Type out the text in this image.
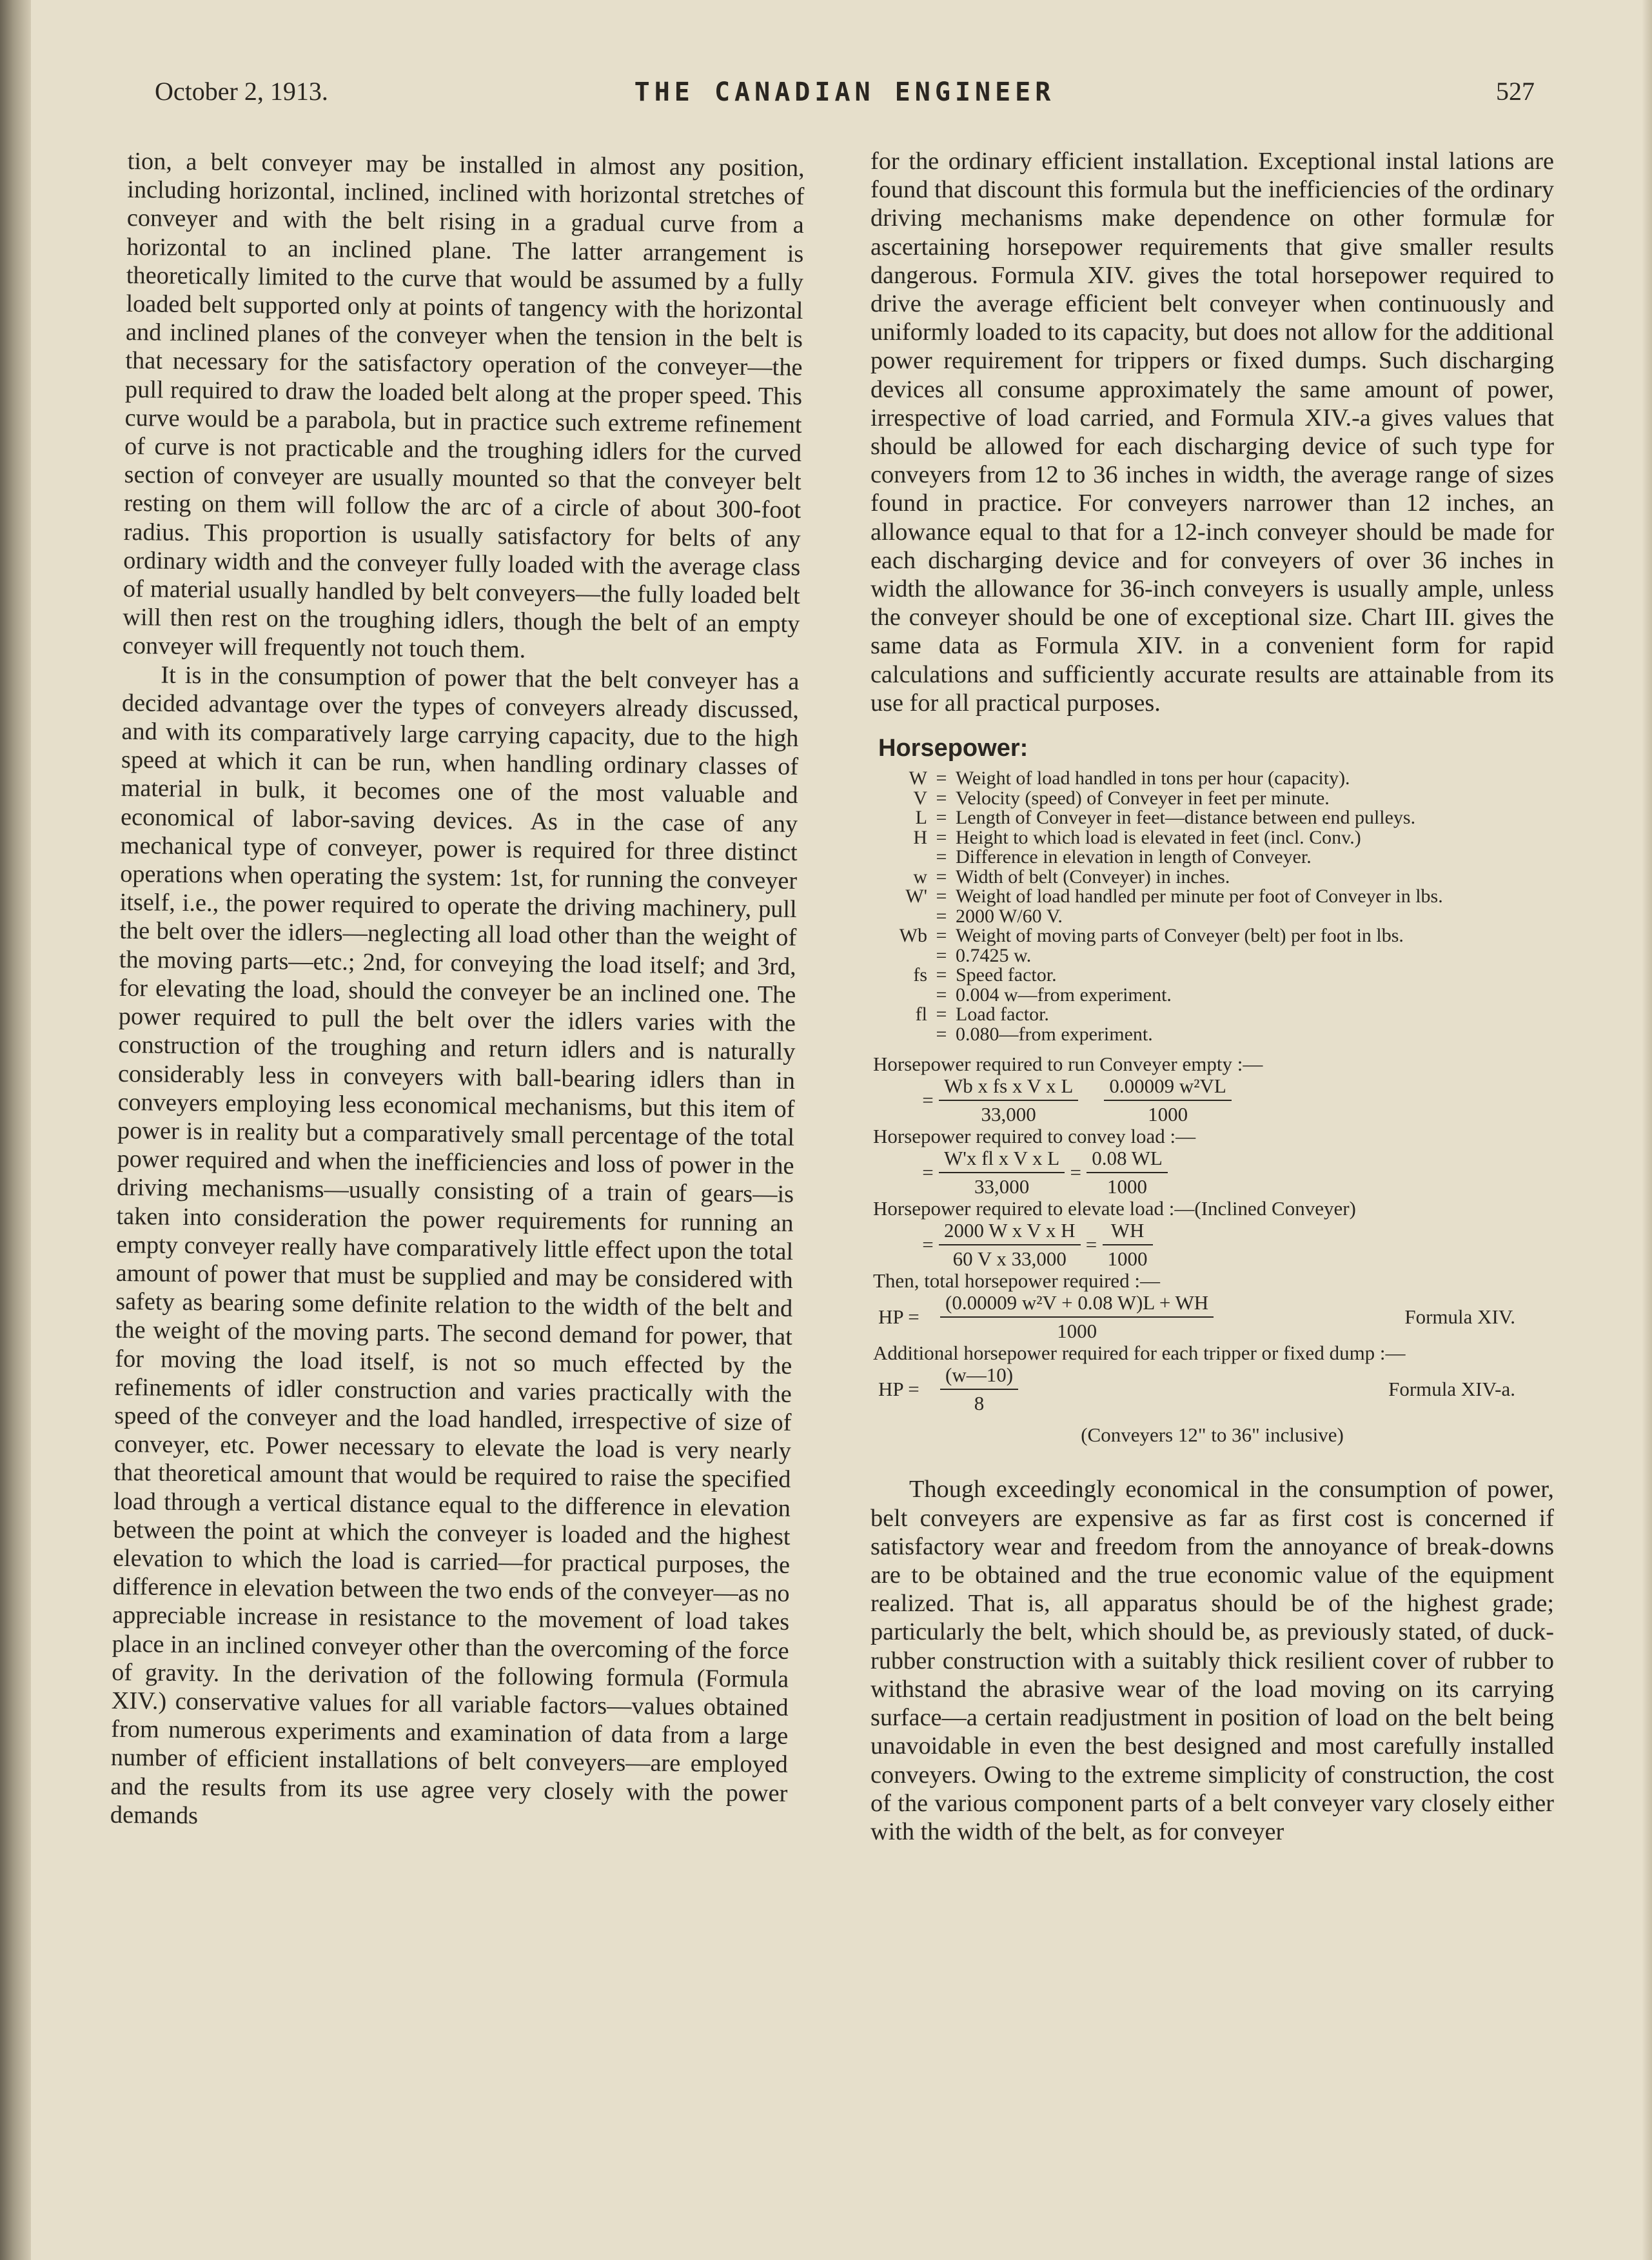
October 2, 1913.	THE CANADIAN ENGINEER	527

tion, a belt conveyer may be installed in almost any position, including horizontal, inclined, inclined with horizontal stretches of conveyer and with the belt rising in a gradual curve from a horizontal to an inclined plane. The latter arrangement is theoretically limited to the curve that would be assumed by a fully loaded belt supported only at points of tangency with the horizontal and inclined planes of the conveyer when the tension in the belt is that necessary for the satisfactory operation of the conveyer—the pull required to draw the loaded belt along at the proper speed. This curve would be a parabola, but in practice such extreme refinement of curve is not practicable and the troughing idlers for the curved section of conveyer are usually mounted so that the conveyer belt resting on them will follow the arc of a circle of about 300-foot radius. This proportion is usually satisfactory for belts of any ordinary width and the conveyer fully loaded with the average class of material usually handled by belt conveyers—the fully loaded belt will then rest on the troughing idlers, though the belt of an empty conveyer will frequently not touch them.

It is in the consumption of power that the belt conveyer has a decided advantage over the types of conveyers already discussed, and with its comparatively large carrying capacity, due to the high speed at which it can be run, when handling ordinary classes of material in bulk, it becomes one of the most valuable and economical of labor-saving devices. As in the case of any mechanical type of conveyer, power is required for three distinct operations when operating the system: 1st, for running the conveyer itself, i.e., the power required to operate the driving machinery, pull the belt over the idlers—neglecting all load other than the weight of the moving parts—etc.; 2nd, for conveying the load itself; and 3rd, for elevating the load, should the conveyer be an inclined one. The power required to pull the belt over the idlers varies with the construction of the troughing and return idlers and is naturally considerably less in conveyers with ball-bearing idlers than in conveyers employing less economical mechanisms, but this item of power is in reality but a comparatively small percentage of the total power required and when the inefficiencies and loss of power in the driving mechanisms—usually consisting of a train of gears—is taken into consideration the power requirements for running an empty conveyer really have comparatively little effect upon the total amount of power that must be supplied and may be considered with safety as bearing some definite relation to the width of the belt and the weight of the moving parts. The second demand for power, that for moving the load itself, is not so much effected by the refinements of idler construction and varies practically with the speed of the conveyer and the load handled, irrespective of size of conveyer, etc. Power necessary to elevate the load is very nearly that theoretical amount that would be required to raise the specified load through a vertical distance equal to the difference in elevation between the point at which the conveyer is loaded and the highest elevation to which the load is carried—for practical purposes, the difference in elevation between the two ends of the conveyer—as no appreciable increase in resistance to the movement of load takes place in an inclined conveyer other than the overcoming of the force of gravity. In the derivation of the following formula (Formula XIV.) conservative values for all variable factors—values obtained from numerous experiments and examination of data from a large number of efficient installations of belt conveyers—are employed and the results from its use agree very closely with the power demands

for the ordinary efficient installation. Exceptional instal lations are found that discount this formula but the inefficiencies of the ordinary driving mechanisms make dependence on other formulæ for ascertaining horsepower requirements that give smaller results dangerous. Formula XIV. gives the total horsepower required to drive the average efficient belt conveyer when continuously and uniformly loaded to its capacity, but does not allow for the additional power requirement for trippers or fixed dumps. Such discharging devices all consume approximately the same amount of power, irrespective of load carried, and Formula XIV.-a gives values that should be allowed for each discharging device of such type for conveyers from 12 to 36 inches in width, the average range of sizes found in practice. For conveyers narrower than 12 inches, an allowance equal to that for a 12-inch conveyer should be made for each discharging device and for conveyers of over 36 inches in width the allowance for 36-inch conveyers is usually ample, unless the conveyer should be one of exceptional size. Chart III. gives the same data as Formula XIV. in a convenient form for rapid calculations and sufficiently accurate results are attainable from its use for all practical purposes.

Horsepower:
W = Weight of load handled in tons per hour (capacity).
V = Velocity (speed) of Conveyer in feet per minute.
L = Length of Conveyer in feet—distance between end pulleys.
H = Height to which load is elevated in feet (incl. Conv.)
= Difference in elevation in length of Conveyer.
w = Width of belt (Conveyer) in inches.
W' = Weight of load handled per minute per foot of Conveyer in lbs.
= 2000 W/60 V.
Wb = Weight of moving parts of Conveyer (belt) per foot in lbs.
= 0.7425 w.
fs = Speed factor.
= 0.004 w—from experiment.
fl = Load factor.
= 0.080—from experiment.
Horsepower required to run Conveyer empty :—
= $\frac{\text{Wb x fs x V x L}}{33,000} \frac{\text{0.00009 w²VL}}{1000}$
Horsepower required to convey load :—
= $\frac{\text{W'x fl x V x L}}{33,000} = \frac{0.08 WL}{1000}$
Horsepower required to elevate load :—(Inclined Conveyer)
= $\frac{\text{2000 W x V x H}}{\text{60 V x 33,000}} = \frac{WH}{1000}$
Then, total horsepower required :—
HP =	$\frac{\text{(0.00009 w²V + 0.08 W)L + WH}}{1000}$	Formula XIV.
Additional horsepower required for each tripper or fixed dump :—
HP =	$\frac{(w—10)}{8}$	Formula XIV-a.
(Conveyers 12" to 36" inclusive)

Though exceedingly economical in the consumption of power, belt conveyers are expensive as far as first cost is concerned if satisfactory wear and freedom from the annoyance of break-downs are to be obtained and the true economic value of the equipment realized. That is, all apparatus should be of the highest grade; particularly the belt, which should be, as previously stated, of duck-rubber construction with a suitably thick resilient cover of rubber to withstand the abrasive wear of the load moving on its carrying surface—a certain readjustment in position of load on the belt being unavoidable in even the best designed and most carefully installed conveyers. Owing to the extreme simplicity of construction, the cost of the various component parts of a belt conveyer vary closely either with the width of the belt, as for conveyer
